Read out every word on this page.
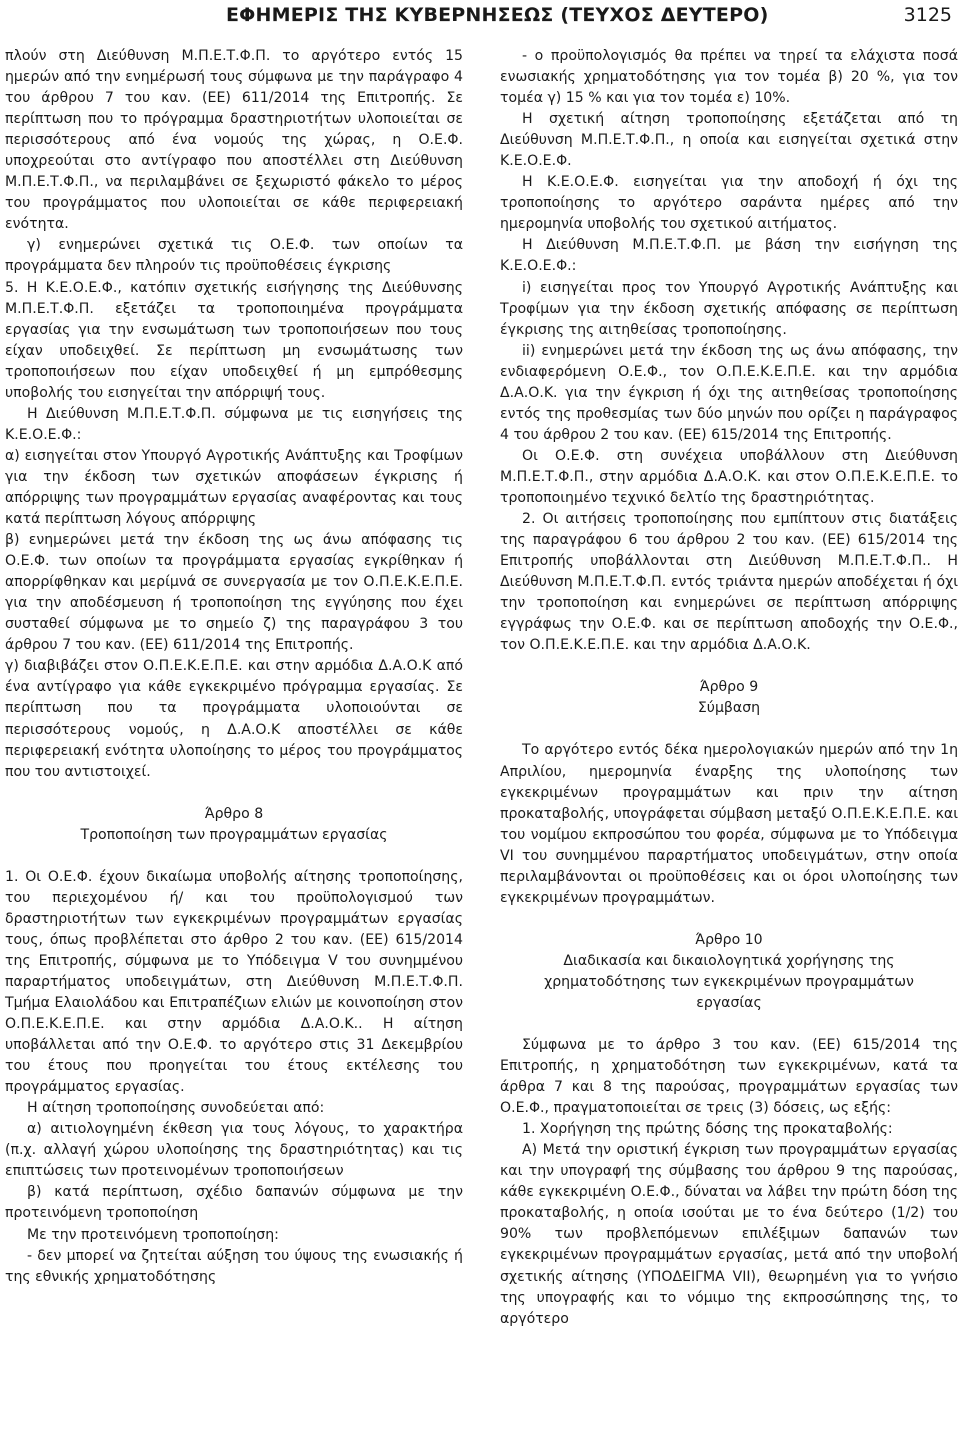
ΕΦΗΜΕΡΙΣ ΤΗΣ ΚΥΒΕΡΝΗΣΕΩΣ (ΤΕΥΧΟΣ ΔΕΥΤΕΡΟ)	3125

πλούν στη Διεύθυνση Μ.Π.Ε.Τ.Φ.Π. το αργότερο εντός 15 ημερών από την ενημέρωσή τους σύμφωνα με την παράγραφο 4 του άρθρου 7 του καν. (ΕΕ) 611/2014 της Επιτροπής. Σε περίπτωση που το πρόγραμμα δραστηριοτήτων υλοποιείται σε περισσότερους από ένα νομούς της χώρας, η Ο.Ε.Φ. υποχρεούται στο αντίγραφο που αποστέλλει στη Διεύθυνση Μ.Π.Ε.Τ.Φ.Π., να περιλαμβάνει σε ξεχωριστό φάκελο το μέρος του προγράμματος που υλοποιείται σε κάθε περιφερειακή ενότητα.

γ) ενημερώνει σχετικά τις Ο.Ε.Φ. των οποίων τα προγράμματα δεν πληρούν τις προϋποθέσεις έγκρισης

5. Η Κ.Ε.Ο.Ε.Φ., κατόπιν σχετικής εισήγησης της Διεύθυνσης Μ.Π.Ε.Τ.Φ.Π. εξετάζει τα τροποποιημένα προγράμματα εργασίας για την ενσωμάτωση των τροποποιήσεων που τους είχαν υποδειχθεί. Σε περίπτωση μη ενσωμάτωσης των τροποποιήσεων που είχαν υποδειχθεί ή μη εμπρόθεσμης υποβολής του εισηγείται την απόρριψή τους.

Η Διεύθυνση Μ.Π.Ε.Τ.Φ.Π. σύμφωνα με τις εισηγήσεις της Κ.Ε.Ο.Ε.Φ.:

α) εισηγείται στον Υπουργό Αγροτικής Ανάπτυξης και Τροφίμων για την έκδοση των σχετικών αποφάσεων έγκρισης ή απόρριψης των προγραμμάτων εργασίας αναφέροντας και τους κατά περίπτωση λόγους απόρριψης

β) ενημερώνει μετά την έκδοση της ως άνω απόφασης τις Ο.Ε.Φ. των οποίων τα προγράμματα εργασίας εγκρίθηκαν ή απορρίφθηκαν και μερίμνά σε συνεργασία με τον Ο.Π.Ε.Κ.Ε.Π.Ε. για την αποδέσμευση ή τροποποίηση της εγγύησης που έχει συσταθεί σύμφωνα με το σημείο ζ) της παραγράφου 3 του άρθρου 7 του καν. (ΕΕ) 611/2014 της Επιτροπής.

γ) διαβιβάζει στον Ο.Π.Ε.Κ.Ε.Π.Ε. και στην αρμόδια Δ.Α.Ο.Κ από ένα αντίγραφο για κάθε εγκεκριμένο πρόγραμμα εργασίας. Σε περίπτωση που τα προγράμματα υλοποιούνται σε περισσότερους νομούς, η Δ.Α.Ο.Κ αποστέλλει σε κάθε περιφερειακή ενότητα υλοποίησης το μέρος του προγράμματος που του αντιστοιχεί.

Άρθρο 8

Τροποποίηση των προγραμμάτων εργασίας

1. Οι Ο.Ε.Φ. έχουν δικαίωμα υποβολής αίτησης τροποποίησης, του περιεχομένου ή/ και του προϋπολογισμού των δραστηριοτήτων των εγκεκριμένων προγραμμάτων εργασίας τους, όπως προβλέπεται στο άρθρο 2 του καν. (ΕΕ) 615/2014 της Επιτροπής, σύμφωνα με το Υπόδειγμα V του συνημμένου παραρτήματος υποδειγμάτων, στη Διεύθυνση Μ.Π.Ε.Τ.Φ.Π. Τμήμα Ελαιολάδου και Επιτραπέζιων ελιών με κοινοποίηση στον Ο.Π.Ε.Κ.Ε.Π.Ε. και στην αρμόδια Δ.Α.Ο.Κ.. Η αίτηση υποβάλλεται από την Ο.Ε.Φ. το αργότερο στις 31 Δεκεμβρίου του έτους που προηγείται του έτους εκτέλεσης του προγράμματος εργασίας.

Η αίτηση τροποποίησης συνοδεύεται από:

α) αιτιολογημένη έκθεση για τους λόγους, το χαρακτήρα (π.χ. αλλαγή χώρου υλοποίησης της δραστηριότητας) και τις επιπτώσεις των προτεινομένων τροποποιήσεων

β) κατά περίπτωση, σχέδιο δαπανών σύμφωνα με την προτεινόμενη τροποποίηση

Με την προτεινόμενη τροποποίηση:

- δεν μπορεί να ζητείται αύξηση του ύψους της ενωσιακής ή της εθνικής χρηματοδότησης

- ο προϋπολογισμός θα πρέπει να τηρεί τα ελάχιστα ποσά ενωσιακής χρηματοδότησης για τον τομέα β) 20 %, για τον τομέα γ) 15 % και για τον τομέα ε) 10%.

Η σχετική αίτηση τροποποίησης εξετάζεται από τη Διεύθυνση Μ.Π.Ε.Τ.Φ.Π., η οποία και εισηγείται σχετικά στην Κ.Ε.Ο.Ε.Φ.

Η Κ.Ε.Ο.Ε.Φ. εισηγείται για την αποδοχή ή όχι της τροποποίησης το αργότερο σαράντα ημέρες από την ημερομηνία υποβολής του σχετικού αιτήματος.

Η Διεύθυνση Μ.Π.Ε.Τ.Φ.Π. με βάση την εισήγηση της Κ.Ε.Ο.Ε.Φ.:

i) εισηγείται προς τον Υπουργό Αγροτικής Ανάπτυξης και Τροφίμων για την έκδοση σχετικής απόφασης σε περίπτωση έγκρισης της αιτηθείσας τροποποίησης.

ii) ενημερώνει μετά την έκδοση της ως άνω απόφασης, την ενδιαφερόμενη Ο.Ε.Φ., τον Ο.Π.Ε.Κ.Ε.Π.Ε. και την αρμόδια Δ.Α.Ο.Κ. για την έγκριση ή όχι της αιτηθείσας τροποποίησης εντός της προθεσμίας των δύο μηνών που ορίζει η παράγραφος 4 του άρθρου 2 του καν. (ΕΕ) 615/2014 της Επιτροπής.

Οι Ο.Ε.Φ. στη συνέχεια υποβάλλουν στη Διεύθυνση Μ.Π.Ε.Τ.Φ.Π., στην αρμόδια Δ.Α.Ο.Κ. και στον Ο.Π.Ε.Κ.Ε.Π.Ε. το τροποποιημένο τεχνικό δελτίο της δραστηριότητας.

2. Οι αιτήσεις τροποποίησης που εμπίπτουν στις διατάξεις της παραγράφου 6 του άρθρου 2 του καν. (ΕΕ) 615/2014 της Επιτροπής υποβάλλονται στη Διεύθυνση Μ.Π.Ε.Τ.Φ.Π.. Η Διεύθυνση Μ.Π.Ε.Τ.Φ.Π. εντός τριάντα ημερών αποδέχεται ή όχι την τροποποίηση και ενημερώνει σε περίπτωση απόρριψης εγγράφως την Ο.Ε.Φ. και σε περίπτωση αποδοχής την Ο.Ε.Φ., τον Ο.Π.Ε.Κ.Ε.Π.Ε. και την αρμόδια Δ.Α.Ο.Κ.

Άρθρο 9

Σύμβαση

Το αργότερο εντός δέκα ημερολογιακών ημερών από την 1η Απριλίου, ημερομηνία έναρξης της υλοποίησης των εγκεκριμένων προγραμμάτων και πριν την αίτηση προκαταβολής, υπογράφεται σύμβαση μεταξύ Ο.Π.Ε.Κ.Ε.Π.Ε. και του νομίμου εκπροσώπου του φορέα, σύμφωνα με το Υπόδειγμα VI του συνημμένου παραρτήματος υποδειγμάτων, στην οποία περιλαμβάνονται οι προϋποθέσεις και οι όροι υλοποίησης των εγκεκριμένων προγραμμάτων.

Άρθρο 10

Διαδικασία και δικαιολογητικά χορήγησης της χρηματοδότησης των εγκεκριμένων προγραμμάτων εργασίας

Σύμφωνα με το άρθρο 3 του καν. (ΕΕ) 615/2014 της Επιτροπής, η χρηματοδότηση των εγκεκριμένων, κατά τα άρθρα 7 και 8 της παρούσας, προγραμμάτων εργασίας των Ο.Ε.Φ., πραγματοποιείται σε τρεις (3) δόσεις, ως εξής:

1. Χορήγηση της πρώτης δόσης της προκαταβολής:

Α) Μετά την οριστική έγκριση των προγραμμάτων εργασίας και την υπογραφή της σύμβασης του άρθρου 9 της παρούσας, κάθε εγκεκριμένη Ο.Ε.Φ., δύναται να λάβει την πρώτη δόση της προκαταβολής, η οποία ισούται με το ένα δεύτερο (1/2) του 90% των προβλεπόμενων επιλέξιμων δαπανών των εγκεκριμένων προγραμμάτων εργασίας, μετά από την υποβολή σχετικής αίτησης (ΥΠΟΔΕΙΓΜΑ VII), θεωρημένη για το γνήσιο της υπογραφής και το νόμιμο της εκπροσώπησης της, το αργότερο
